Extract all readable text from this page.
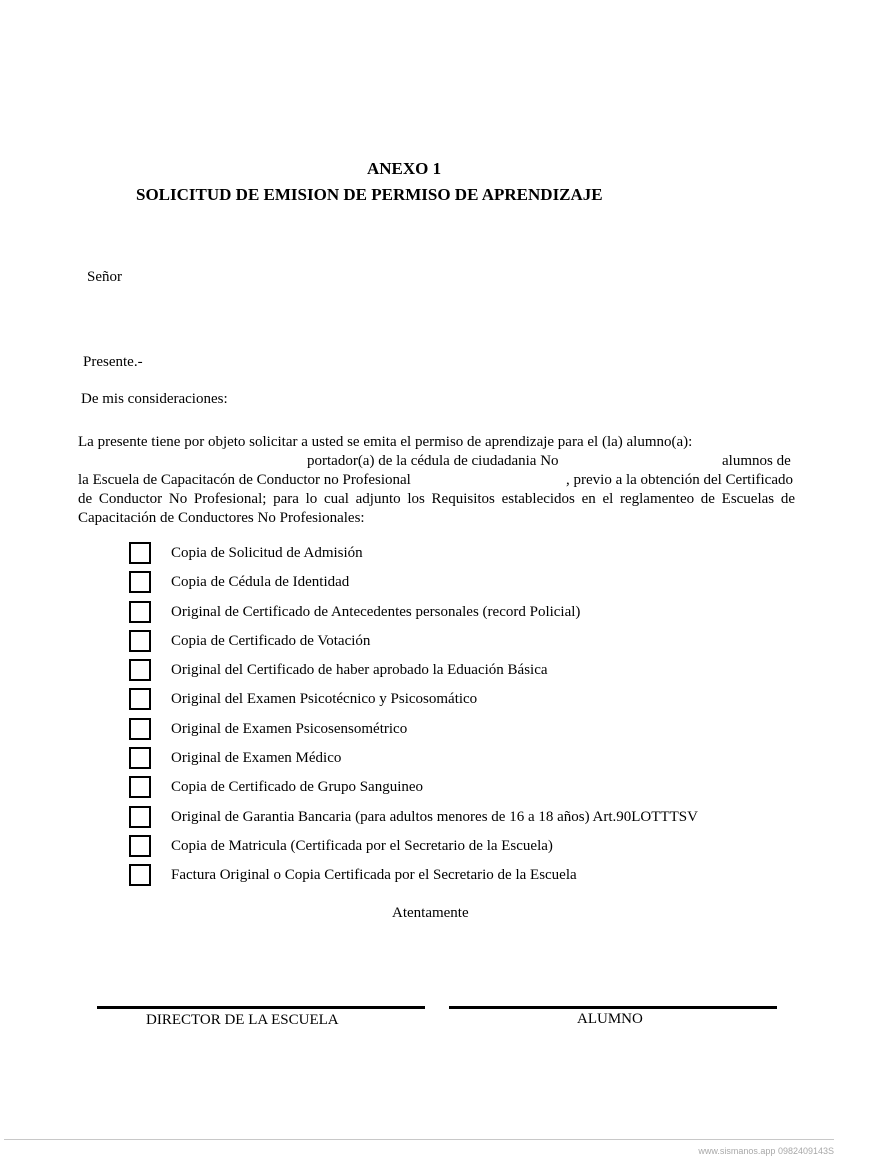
ANEXO 1
SOLICITUD DE EMISION DE PERMISO DE APRENDIZAJE
Señor
Presente.-
De mis consideraciones:
La presente tiene por objeto solicitar a usted se emita el permiso de aprendizaje para el (la) alumno(a):
portador(a) de la cédula de ciudadania No	alumnos de
la Escuela de Capacitacón de Conductor no Profesional	, previo a la obtención del Certificado
de Conductor No Profesional; para lo cual adjunto los Requisitos establecidos en el reglamenteo de Escuelas de
Capacitación de Conductores No Profesionales:
Copia de Solicitud de Admisión
Copia de Cédula de Identidad
Original de Certificado de Antecedentes personales (record Policial)
Copia de Certificado de Votación
Original del Certificado de haber aprobado la Eduación Básica
Original del Examen Psicotécnico y Psicosomático
Original de Examen Psicosensométrico
Original de Examen Médico
Copia de Certificado de Grupo Sanguineo
Original de Garantia Bancaria (para adultos menores de 16 a 18 años) Art.90LOTTTSV
Copia de Matricula (Certificada por el Secretario de la Escuela)
Factura Original o Copia Certificada por el Secretario de la Escuela
Atentamente
DIRECTOR DE LA ESCUELA	ALUMNO
www.sismanos.app 0982409143S
